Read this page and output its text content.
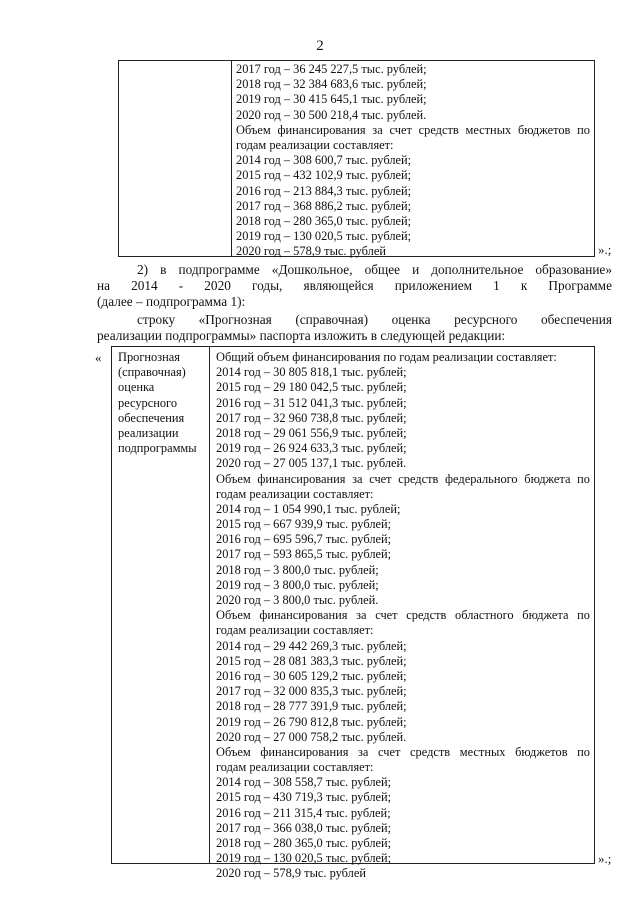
2
2017 год – 36 245 227,5 тыс. рублей;
2018 год – 32 384 683,6 тыс. рублей;
2019 год – 30 415 645,1 тыс. рублей;
2020 год – 30 500 218,4 тыс. рублей.
Объем финансирования за счет средств местных бюджетов по
годам реализации составляет:
2014 год – 308 600,7 тыс. рублей;
2015 год – 432 102,9 тыс. рублей;
2016 год – 213 884,3 тыс. рублей;
2017 год – 368 886,2 тыс. рублей;
2018 год – 280 365,0 тыс. рублей;
2019 год – 130 020,5 тыс. рублей;
2020 год – 578,9 тыс. рублей	».;
2) в подпрограмме «Дошкольное, общее и дополнительное образование»
на 2014 - 2020 годы, являющейся приложением 1 к Программе
(далее – подпрограмма 1):
строку «Прогнозная (справочная) оценка ресурсного обеспечения
реализации подпрограммы» паспорта изложить в следующей редакции:
« Прогнозная
(справочная)
оценка
ресурсного
обеспечения
реализации
подпрограммы
Общий объем финансирования по годам реализации составляет:
2014 год – 30 805 818,1 тыс. рублей;
2015 год – 29 180 042,5 тыс. рублей;
2016 год – 31 512 041,3 тыс. рублей;
2017 год – 32 960 738,8 тыс. рублей;
2018 год – 29 061 556,9 тыс. рублей;
2019 год – 26 924 633,3 тыс. рублей;
2020 год – 27 005 137,1 тыс. рублей.
Объем финансирования за счет средств федерального бюджета по
годам реализации составляет:
2014 год – 1 054 990,1 тыс. рублей;
2015 год – 667 939,9 тыс. рублей;
2016 год – 695 596,7 тыс. рублей;
2017 год – 593 865,5 тыс. рублей;
2018 год – 3 800,0 тыс. рублей;
2019 год – 3 800,0 тыс. рублей;
2020 год – 3 800,0 тыс. рублей.
Объем финансирования за счет средств областного бюджета по
годам реализации составляет:
2014 год – 29 442 269,3 тыс. рублей;
2015 год – 28 081 383,3 тыс. рублей;
2016 год – 30 605 129,2 тыс. рублей;
2017 год – 32 000 835,3 тыс. рублей;
2018 год – 28 777 391,9 тыс. рублей;
2019 год – 26 790 812,8 тыс. рублей;
2020 год – 27 000 758,2 тыс. рублей.
Объем финансирования за счет средств местных бюджетов по
годам реализации составляет:
2014 год – 308 558,7 тыс. рублей;
2015 год – 430 719,3 тыс. рублей;
2016 год – 211 315,4 тыс. рублей;
2017 год – 366 038,0 тыс. рублей;
2018 год – 280 365,0 тыс. рублей;
2019 год – 130 020,5 тыс. рублей;
2020 год – 578,9 тыс. рублей
».;
